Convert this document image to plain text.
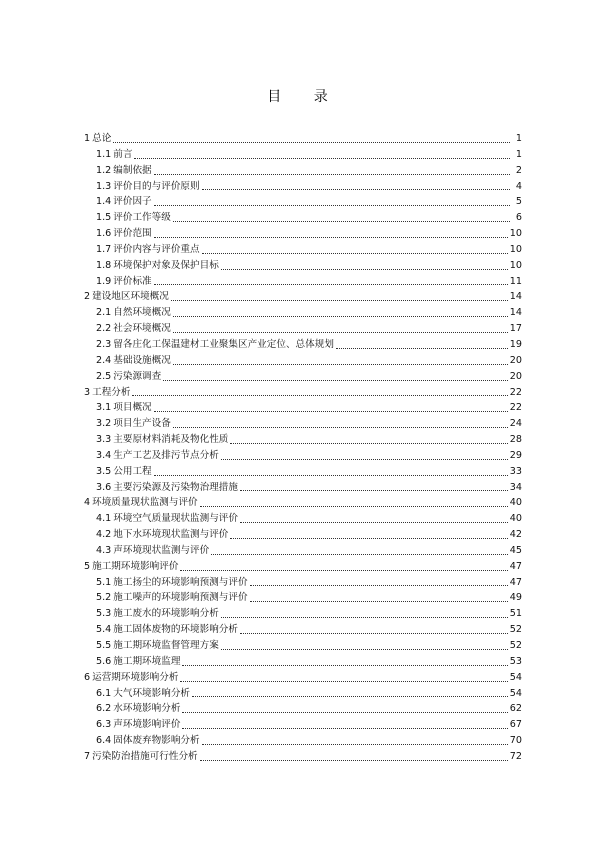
目 录
1 总论	1
1.1 前言	1
1.2 编制依据	2
1.3 评价目的与评价原则	4
1.4 评价因子	5
1.5 评价工作等级	6
1.6 评价范围	10
1.7 评价内容与评价重点	10
1.8 环境保护对象及保护目标	10
1.9 评价标准	11
2 建设地区环境概况	14
2.1 自然环境概况	14
2.2 社会环境概况	17
2.3 留各庄化工保温建材工业聚集区产业定位、总体规划	19
2.4 基础设施概况	20
2.5 污染源调查	20
3 工程分析	22
3.1 项目概况	22
3.2 项目生产设备	24
3.3 主要原材料消耗及物化性质	28
3.4 生产工艺及排污节点分析	29
3.5 公用工程	33
3.6 主要污染源及污染物治理措施	34
4 环境质量现状监测与评价	40
4.1 环境空气质量现状监测与评价	40
4.2 地下水环境现状监测与评价	42
4.3 声环境现状监测与评价	45
5 施工期环境影响评价	47
5.1 施工扬尘的环境影响预测与评价	47
5.2 施工噪声的环境影响预测与评价	49
5.3 施工废水的环境影响分析	51
5.4 施工固体废物的环境影响分析	52
5.5 施工期环境监督管理方案	52
5.6 施工期环境监理	53
6 运营期环境影响分析	54
6.1 大气环境影响分析	54
6.2 水环境影响分析	62
6.3 声环境影响评价	67
6.4 固体废弃物影响分析	70
7 污染防治措施可行性分析	72
